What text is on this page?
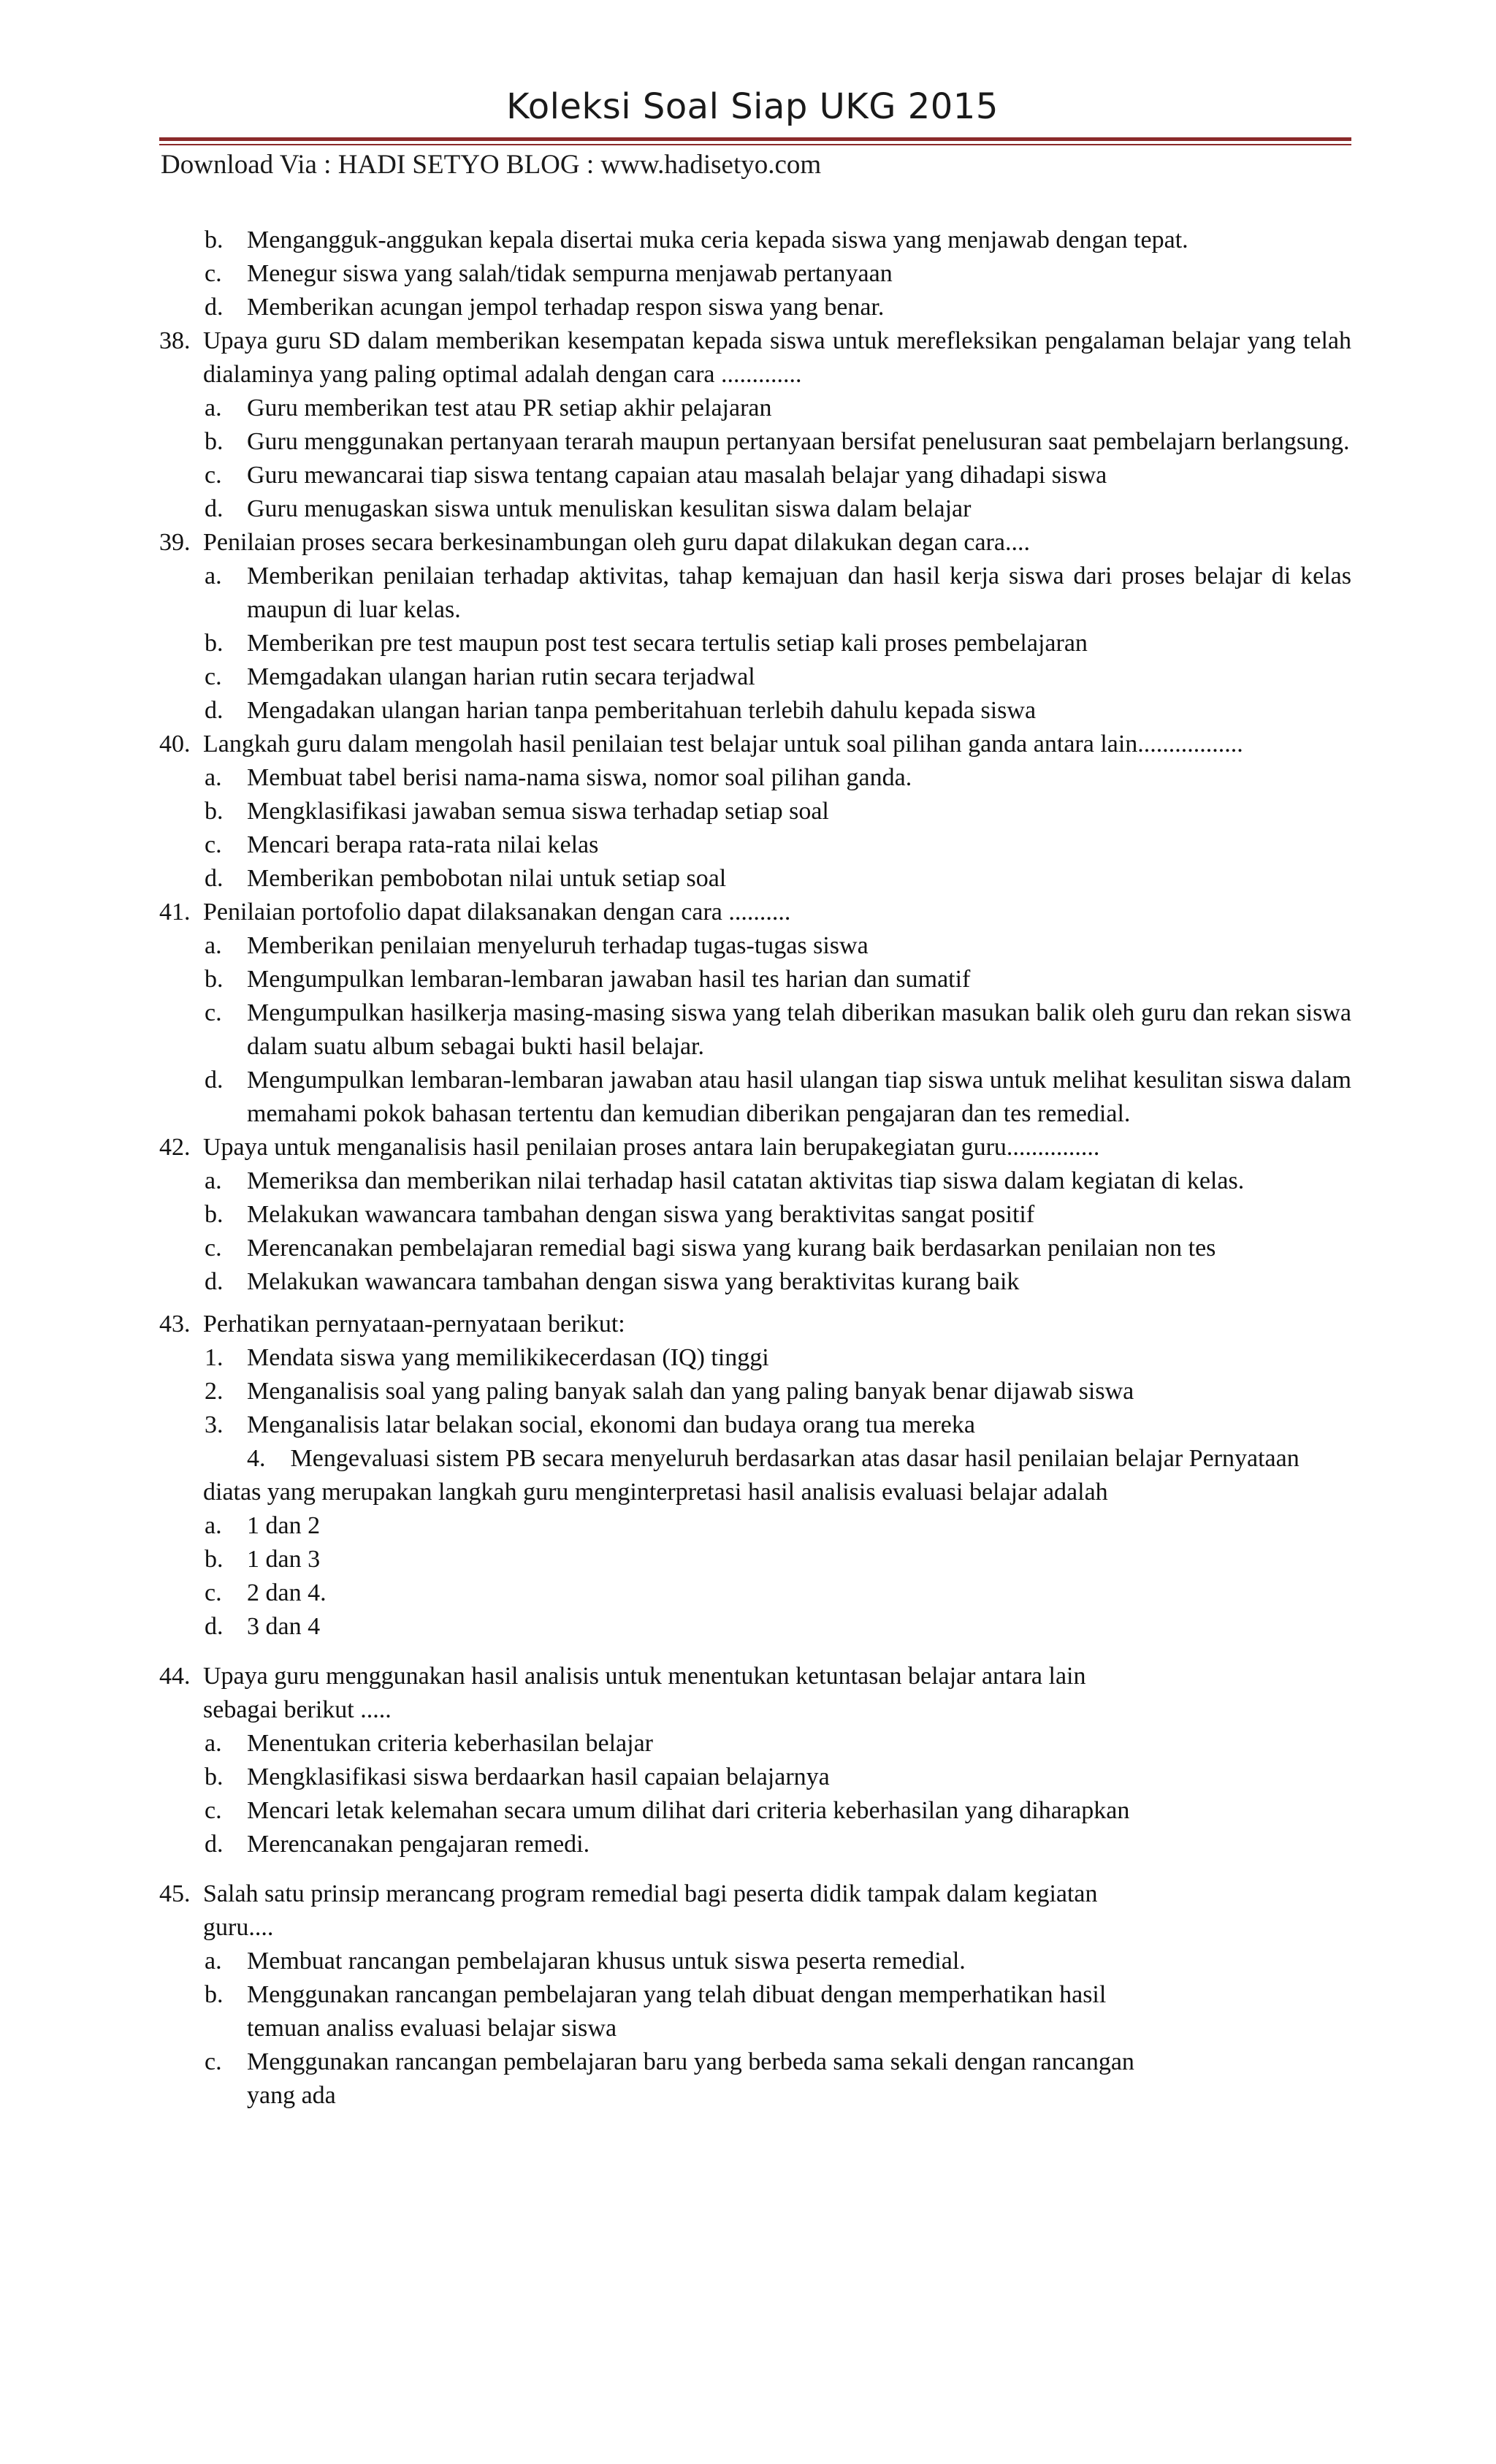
Koleksi Soal Siap UKG 2015
Download Via : HADI SETYO BLOG : www.hadisetyo.com
b. Mengangguk-anggukan kepala disertai muka ceria kepada siswa yang menjawab dengan tepat.
c. Menegur siswa yang salah/tidak sempurna menjawab pertanyaan
d. Memberikan acungan jempol terhadap respon siswa yang benar.
38. Upaya guru SD dalam memberikan kesempatan kepada siswa untuk merefleksikan pengalaman belajar yang telah dialaminya yang paling optimal adalah dengan cara .............
a. Guru memberikan test atau PR setiap akhir pelajaran
b. Guru menggunakan pertanyaan terarah maupun pertanyaan bersifat penelusuran saat pembelajarn berlangsung.
c. Guru mewancarai tiap siswa tentang capaian atau masalah belajar yang dihadapi siswa
d. Guru menugaskan siswa untuk menuliskan kesulitan siswa dalam belajar
39. Penilaian proses secara berkesinambungan oleh guru dapat dilakukan degan cara....
a. Memberikan penilaian terhadap aktivitas, tahap kemajuan dan hasil kerja siswa dari proses belajar di kelas maupun di luar kelas.
b. Memberikan pre test maupun post test secara tertulis setiap kali proses pembelajaran
c. Memgadakan ulangan harian rutin secara terjadwal
d. Mengadakan ulangan harian tanpa pemberitahuan terlebih dahulu kepada siswa
40. Langkah guru dalam mengolah hasil penilaian test belajar untuk soal pilihan ganda antara lain.................
a. Membuat tabel berisi nama-nama siswa, nomor soal pilihan ganda.
b. Mengklasifikasi jawaban semua siswa terhadap setiap soal
c. Mencari berapa rata-rata nilai kelas
d. Memberikan pembobotan nilai untuk setiap soal
41. Penilaian portofolio dapat dilaksanakan dengan cara ..........
a. Memberikan penilaian menyeluruh terhadap tugas-tugas siswa
b. Mengumpulkan lembaran-lembaran jawaban hasil tes harian dan sumatif
c. Mengumpulkan hasilkerja masing-masing siswa yang telah diberikan masukan balik oleh guru dan rekan siswa dalam suatu album sebagai bukti hasil belajar.
d. Mengumpulkan lembaran-lembaran jawaban atau hasil ulangan tiap siswa untuk melihat kesulitan siswa dalam memahami pokok bahasan tertentu dan kemudian diberikan pengajaran dan tes remedial.
42. Upaya untuk menganalisis hasil penilaian proses antara lain berupakegiatan guru...............
a. Memeriksa dan memberikan nilai terhadap hasil catatan aktivitas tiap siswa dalam kegiatan di kelas.
b. Melakukan wawancara tambahan dengan siswa yang beraktivitas sangat positif
c. Merencanakan pembelajaran remedial bagi siswa yang kurang baik berdasarkan penilaian non tes
d. Melakukan wawancara tambahan dengan siswa yang beraktivitas kurang baik
43. Perhatikan pernyataan-pernyataan berikut:
1. Mendata siswa yang memilikikecerdasan (IQ) tinggi
2. Menganalisis soal yang paling banyak salah dan yang paling banyak benar dijawab siswa
3. Menganalisis latar belakan social, ekonomi dan budaya orang tua mereka
4. Mengevaluasi sistem PB secara menyeluruh berdasarkan atas dasar hasil penilaian belajar Pernyataan diatas yang merupakan langkah guru menginterpretasi hasil analisis evaluasi belajar adalah
a. 1 dan 2
b. 1 dan 3
c. 2 dan 4.
d. 3 dan 4
44. Upaya guru menggunakan hasil analisis untuk menentukan ketuntasan belajar antara lain sebagai berikut .....
a. Menentukan criteria keberhasilan belajar
b. Mengklasifikasi siswa berdaarkan hasil capaian belajarnya
c. Mencari letak kelemahan secara umum dilihat dari criteria keberhasilan yang diharapkan
d. Merencanakan pengajaran remedi.
45. Salah satu prinsip merancang program remedial bagi peserta didik tampak dalam kegiatan guru....
a. Membuat rancangan pembelajaran khusus untuk siswa peserta remedial.
b. Menggunakan rancangan pembelajaran yang telah dibuat dengan memperhatikan hasil temuan analiss evaluasi belajar siswa
c. Menggunakan rancangan pembelajaran baru yang berbeda sama sekali dengan rancangan yang ada
